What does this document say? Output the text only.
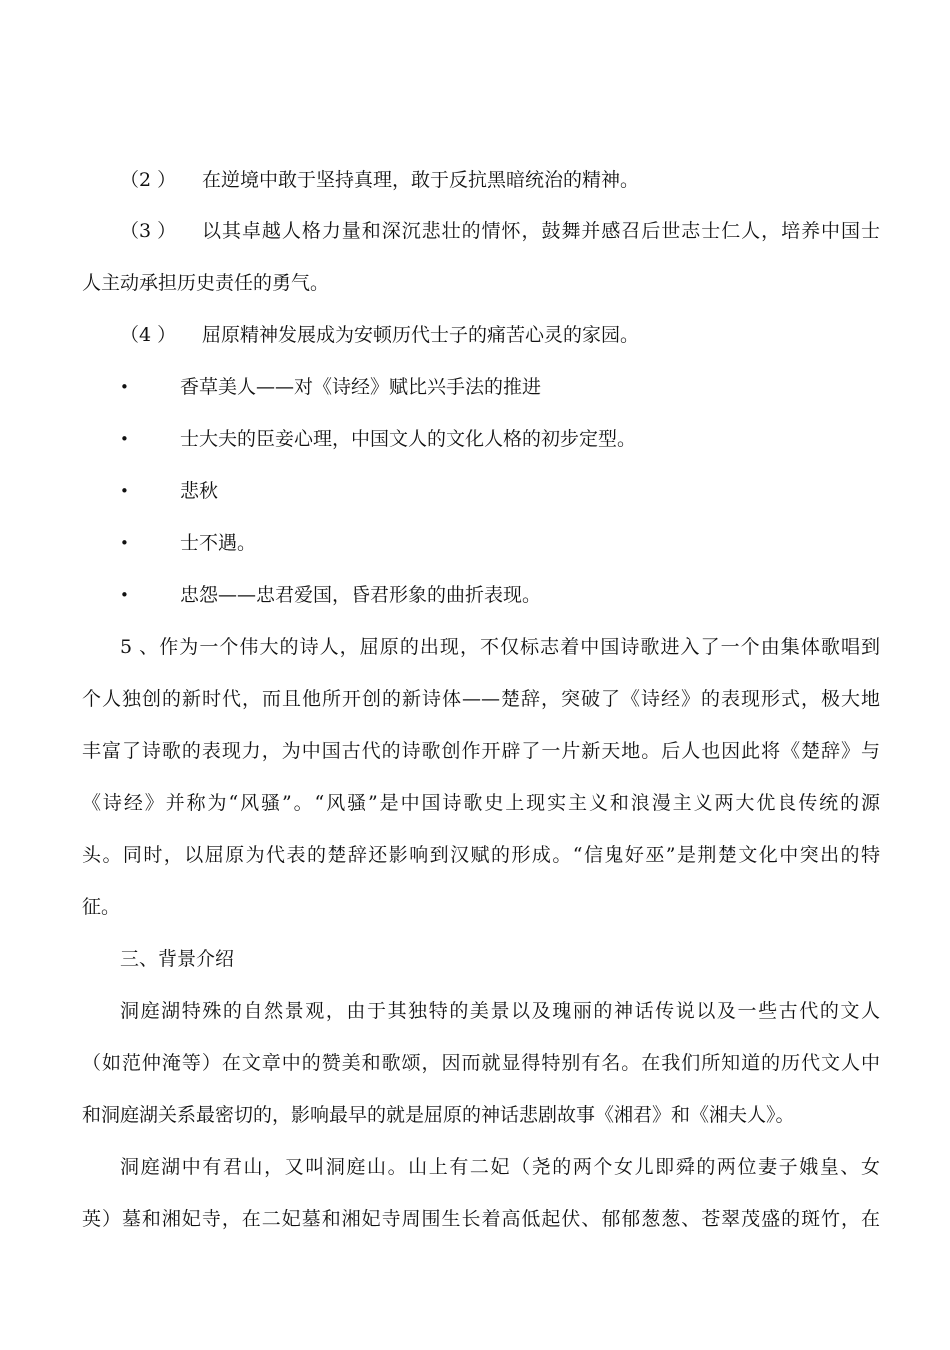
（2 ） 在逆境中敢于坚持真理，敢于反抗黑暗统治的精神。
（3 ） 以其卓越人格力量和深沉悲壮的情怀，鼓舞并感召后世志士仁人，培养中国士
人主动承担历史责任的勇气。
（4 ） 屈原精神发展成为安顿历代士子的痛苦心灵的家园。
•	香草美人——对《诗经》赋比兴手法的推进
•	士大夫的臣妾心理，中国文人的文化人格的初步定型。
•	悲秋
•	士不遇。
•	忠怨——忠君爱国，昏君形象的曲折表现。
5 、作为一个伟大的诗人，屈原的出现，不仅标志着中国诗歌进入了一个由集体歌唱到
个人独创的新时代，而且他所开创的新诗体——楚辞，突破了《诗经》的表现形式，极大地
丰富了诗歌的表现力，为中国古代的诗歌创作开辟了一片新天地。后人也因此将《楚辞》与
《诗经》并称为“风骚”。“风骚”是中国诗歌史上现实主义和浪漫主义两大优良传统的源
头。同时，以屈原为代表的楚辞还影响到汉赋的形成。“信鬼好巫”是荆楚文化中突出的特
征。
三、背景介绍
洞庭湖特殊的自然景观，由于其独特的美景以及瑰丽的神话传说以及一些古代的文人
（如范仲淹等）在文章中的赞美和歌颂，因而就显得特别有名。在我们所知道的历代文人中
和洞庭湖关系最密切的，影响最早的就是屈原的神话悲剧故事《湘君》和《湘夫人》。
洞庭湖中有君山，又叫洞庭山。山上有二妃（尧的两个女儿即舜的两位妻子娥皇、女
英）墓和湘妃寺，在二妃墓和湘妃寺周围生长着高低起伏、郁郁葱葱、苍翠茂盛的斑竹，在
